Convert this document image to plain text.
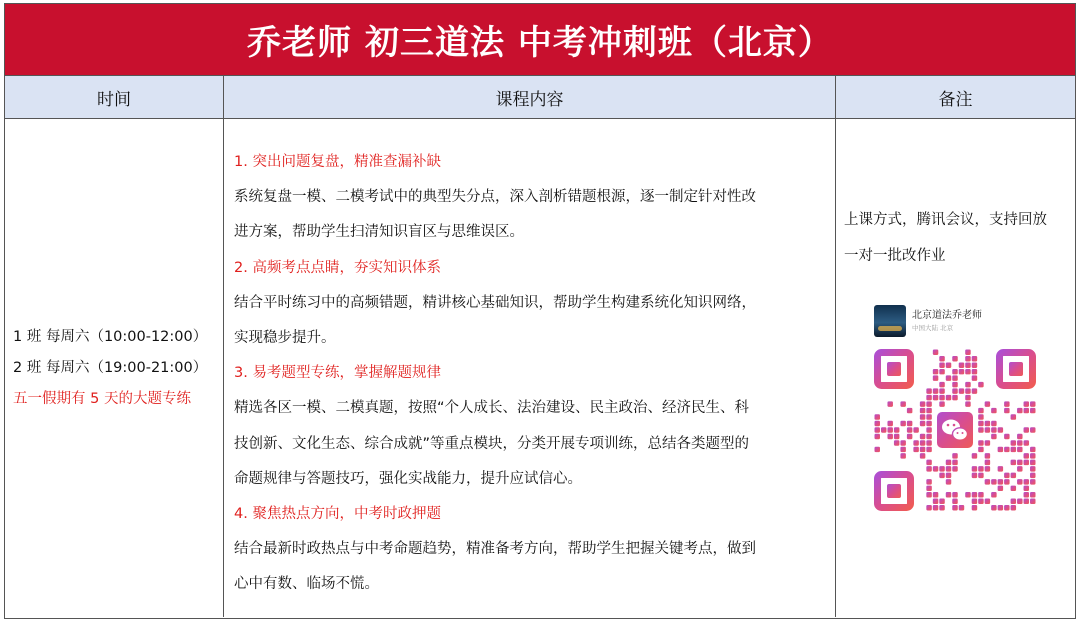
乔老师 初三道法 中考冲刺班（北京）
时间	课程内容	备注

1 班 每周六（10:00-12:00）

2 班 每周六（19:00-21:00）

五一假期有 5 天的大题专练

1. 突出问题复盘，精准查漏补缺

系统复盘一模、二模考试中的典型失分点，深入剖析错题根源，逐一制定针对性改

进方案，帮助学生扫清知识盲区与思维误区。

2. 高频考点点睛，夯实知识体系

结合平时练习中的高频错题，精讲核心基础知识，帮助学生构建系统化知识网络，

实现稳步提升。

3. 易考题型专练，掌握解题规律

精选各区一模、二模真题，按照“个人成长、法治建设、民主政治、经济民生、科

技创新、文化生态、综合成就”等重点模块，分类开展专项训练，总结各类题型的

命题规律与答题技巧，强化实战能力，提升应试信心。

4. 聚焦热点方向，中考时政押题

结合最新时政热点与中考命题趋势，精准备考方向，帮助学生把握关键考点，做到

心中有数、临场不慌。

上课方式，腾讯会议，支持回放

一对一批改作业

北京道法乔老师
中国大陆 北京
